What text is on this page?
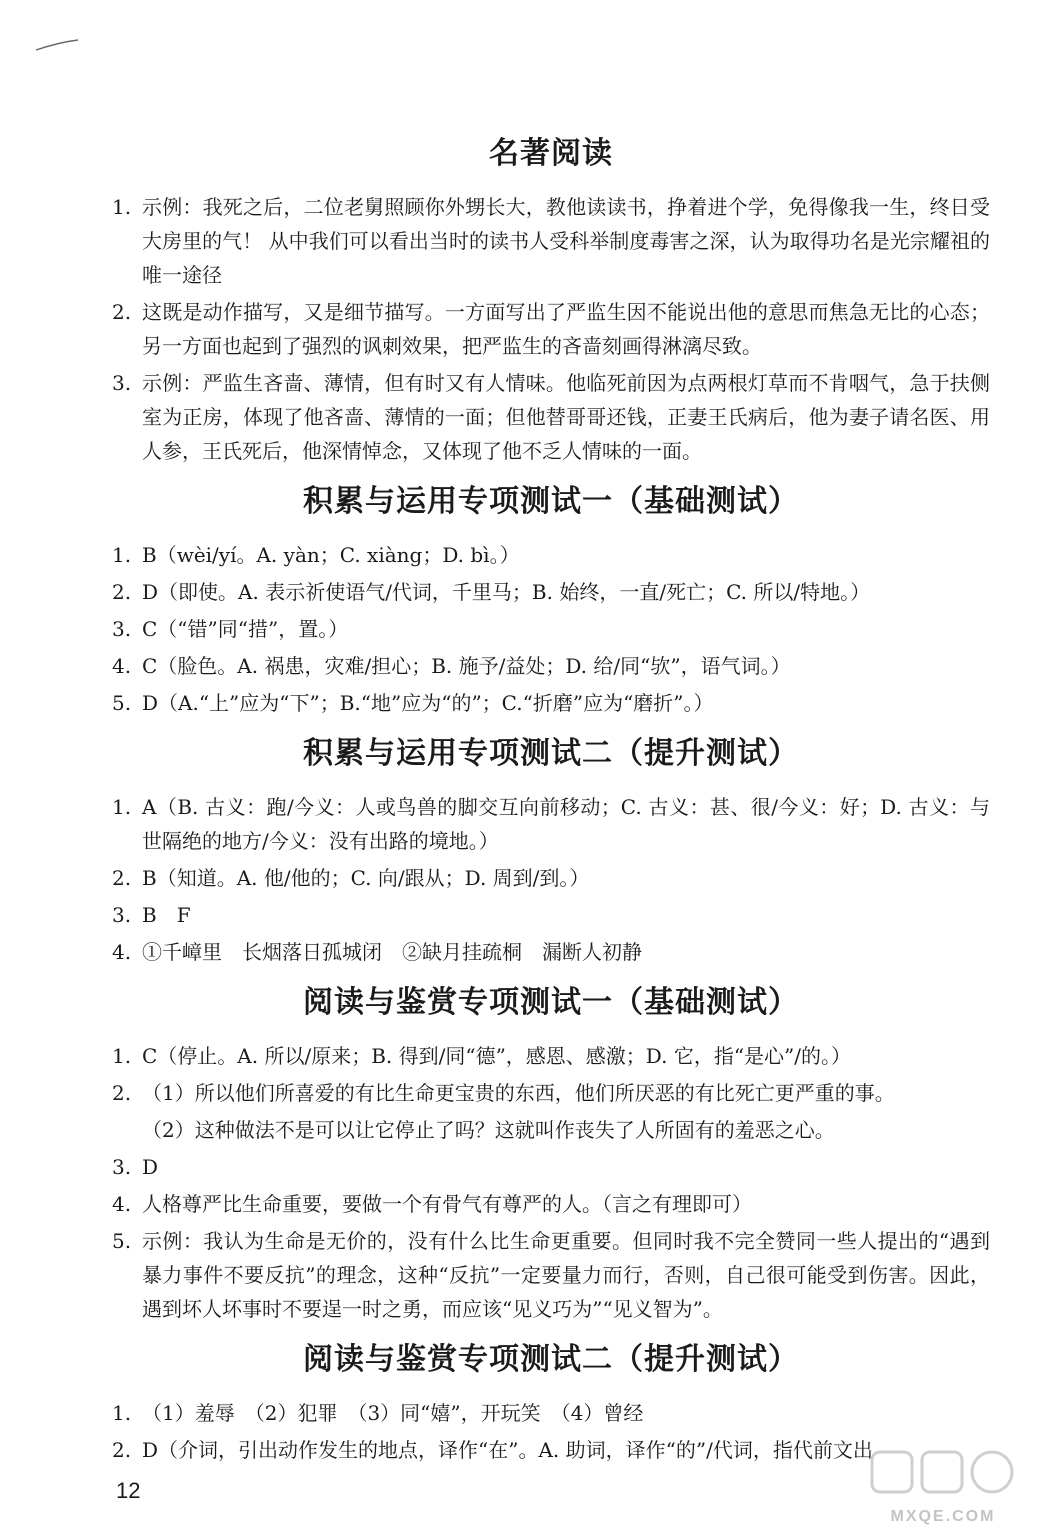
名著阅读
1. 示例：我死之后，二位老舅照顾你外甥长大，教他读读书，挣着进个学，免得像我一生，终日受大房里的气！ 从中我们可以看出当时的读书人受科举制度毒害之深，认为取得功名是光宗耀祖的唯一途径
2. 这既是动作描写，又是细节描写。一方面写出了严监生因不能说出他的意思而焦急无比的心态；另一方面也起到了强烈的讽刺效果，把严监生的吝啬刻画得淋漓尽致。
3. 示例：严监生吝啬、薄情，但有时又有人情味。他临死前因为点两根灯草而不肯咽气，急于扶侧室为正房，体现了他吝啬、薄情的一面；但他替哥哥还钱，正妻王氏病后，他为妻子请名医、用人参，王氏死后，他深情悼念，又体现了他不乏人情味的一面。
积累与运用专项测试一（基础测试）
1. B（wèi/yí。A. yàn；C. xiàng；D. bì。）
2. D（即使。A. 表示祈使语气/代词，千里马；B. 始终，一直/死亡；C. 所以/特地。）
3. C（“错”同“措”，置。）
4. C（脸色。A. 祸患，灾难/担心；B. 施予/益处；D. 给/同“欤”，语气词。）
5. D（A.“上”应为“下”；B.“地”应为“的”；C.“折磨”应为“磨折”。）
积累与运用专项测试二（提升测试）
1. A（B. 古义：跑/今义：人或鸟兽的脚交互向前移动；C. 古义：甚、很/今义：好；D. 古义：与世隔绝的地方/今义：没有出路的境地。）
2. B（知道。A. 他/他的；C. 向/跟从；D. 周到/到。）
3. B　F
4. ①千嶂里　长烟落日孤城闭　②缺月挂疏桐　漏断人初静
阅读与鉴赏专项测试一（基础测试）
1. C（停止。A. 所以/原来；B. 得到/同“德”，感恩、感激；D. 它，指“是心”/的。）
2. （1）所以他们所喜爱的有比生命更宝贵的东西，他们所厌恶的有比死亡更严重的事。
（2）这种做法不是可以让它停止了吗？这就叫作丧失了人所固有的羞恶之心。
3. D
4. 人格尊严比生命重要，要做一个有骨气有尊严的人。（言之有理即可）
5. 示例：我认为生命是无价的，没有什么比生命更重要。但同时我不完全赞同一些人提出的“遇到暴力事件不要反抗”的理念，这种“反抗”一定要量力而行，否则，自己很可能受到伤害。因此，遇到坏人坏事时不要逞一时之勇，而应该“见义巧为”“见义智为”。
阅读与鉴赏专项测试二（提升测试）
1. （1）羞辱　（2）犯罪　（3）同“嬉”，开玩笑　（4）曾经
2. D（介词，引出动作发生的地点，译作“在”。A. 助词，译作“的”/代词，指代前文出
12
MXQE.COM
